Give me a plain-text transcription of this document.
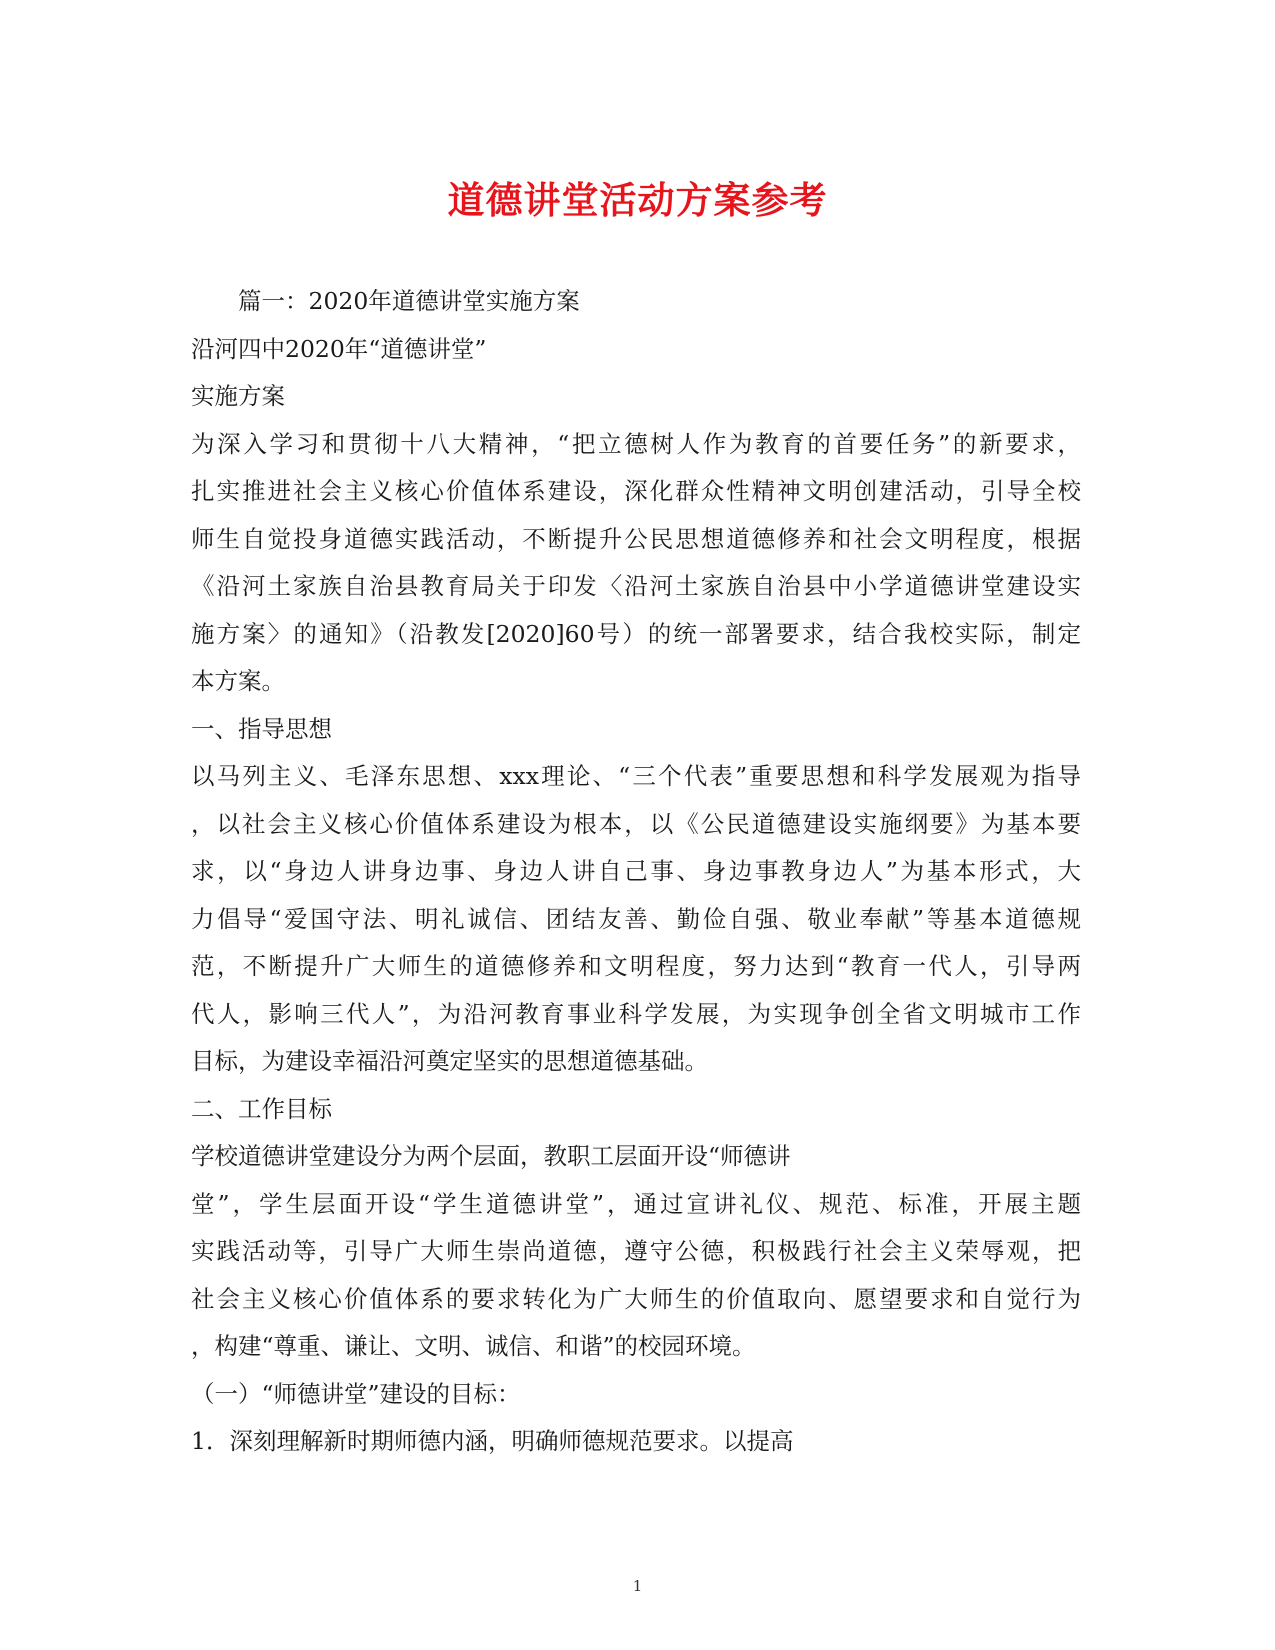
道德讲堂活动方案参考
篇一：2020年道德讲堂实施方案
沿河四中2020年“道德讲堂”
实施方案
为深入学习和贯彻十八大精神，“把立德树人作为教育的首要任务”的新要求，
扎实推进社会主义核心价值体系建设，深化群众性精神文明创建活动，引导全校
师生自觉投身道德实践活动，不断提升公民思想道德修养和社会文明程度，根据
《沿河土家族自治县教育局关于印发〈沿河土家族自治县中小学道德讲堂建设实
施方案〉的通知》（沿教发[2020]60号）的统一部署要求，结合我校实际，制定
本方案。
一、指导思想
以马列主义、毛泽东思想、xxx理论、“三个代表”重要思想和科学发展观为指导
，以社会主义核心价值体系建设为根本，以《公民道德建设实施纲要》为基本要
求，以“身边人讲身边事、身边人讲自己事、身边事教身边人”为基本形式，大
力倡导“爱国守法、明礼诚信、团结友善、勤俭自强、敬业奉献”等基本道德规
范，不断提升广大师生的道德修养和文明程度，努力达到“教育一代人，引导两
代人，影响三代人”，为沿河教育事业科学发展，为实现争创全省文明城市工作
目标，为建设幸福沿河奠定坚实的思想道德基础。
二、工作目标
学校道德讲堂建设分为两个层面，教职工层面开设“师德讲
堂”，学生层面开设“学生道德讲堂”，通过宣讲礼仪、规范、标准，开展主题
实践活动等，引导广大师生崇尚道德，遵守公德，积极践行社会主义荣辱观，把
社会主义核心价值体系的要求转化为广大师生的价值取向、愿望要求和自觉行为
，构建“尊重、谦让、文明、诚信、和谐”的校园环境。
（一）“师德讲堂”建设的目标：
1．深刻理解新时期师德内涵，明确师德规范要求。以提高
1
